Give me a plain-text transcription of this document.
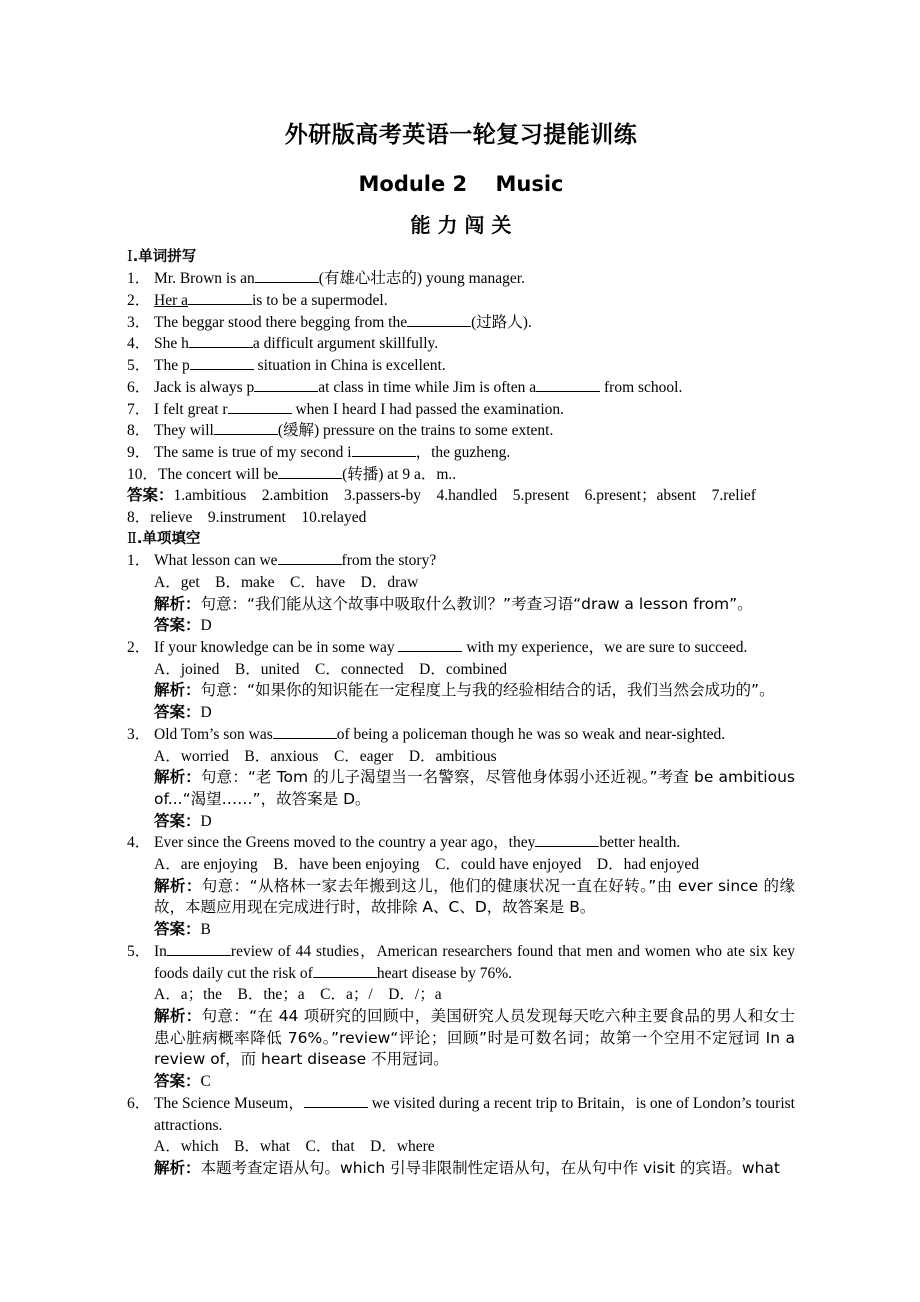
外研版高考英语一轮复习提能训练
Module 2　 Music
能 力 闯 关

Ⅰ.单词拼写

1． Mr. Brown is an	(有雄心壮志的) young manager.
2． Her a	is to be a supermodel.
3． The beggar stood there begging from the	(过路人).
4． She h	a difficult argument skillfully.
5． The p	situation in China is excellent.
6． Jack is always p	at class in time while Jim is often a	from school.
7． I felt great r	when I heard I had passed the examination.
8． They will	(缓解) pressure on the trains to some extent.
9． The same is true of my second i	，the guzheng.
10． The concert will be	(转播) at 9 a．m..

答案：1.ambitious　2.ambition　3.passers-by　4.handled　5.present　6.present；absent　7.relief

8．relieve　9.instrument　10.relayed

Ⅱ.单项填空

1． What lesson can we	from the story?

A．get　B．make　C．have　D．draw

解析：句意：“我们能从这个故事中吸取什么教训？”考查习语“draw a lesson from”。

答案：D

2． If your knowledge can be in some way	with my experience，we are sure to succeed.

A．joined　B．united　C．connected　D．combined

解析：句意：“如果你的知识能在一定程度上与我的经验相结合的话，我们当然会成功的”。

答案：D

3． Old Tom’s son was	of being a policeman though he was so weak and near-sighted.

A．worried　B．anxious　C．eager　D．ambitious

解析：句意：“老 Tom 的儿子渴望当一名警察，尽管他身体弱小还近视。”考查 be ambitious of...“渴望……”，故答案是 D。

答案：D

4． Ever since the Greens moved to the country a year ago，they	better health.

A．are enjoying　B．have been enjoying　C．could have enjoyed　D．had enjoyed

解析：句意：“从格林一家去年搬到这儿，他们的健康状况一直在好转。”由 ever since 的缘故，本题应用现在完成进行时，故排除 A、C、D，故答案是 B。

答案：B

5． In	review of 44 studies，American researchers found that men and women who ate six key foods daily cut the risk of	heart disease by 76%.

A．a；the　B．the；a　C．a；/　D．/；a

解析：句意：“在 44 项研究的回顾中，美国研究人员发现每天吃六种主要食品的男人和女士患心脏病概率降低 76%。”review“评论；回顾”时是可数名词；故第一个空用不定冠词 In a review of，而 heart disease 不用冠词。

答案：C

6． The Science Museum，	we visited during a recent trip to Britain，is one of London’s tourist attractions.

A．which　B．what　C．that　D．where

解析：本题考查定语从句。which 引导非限制性定语从句，在从句中作 visit 的宾语。what
